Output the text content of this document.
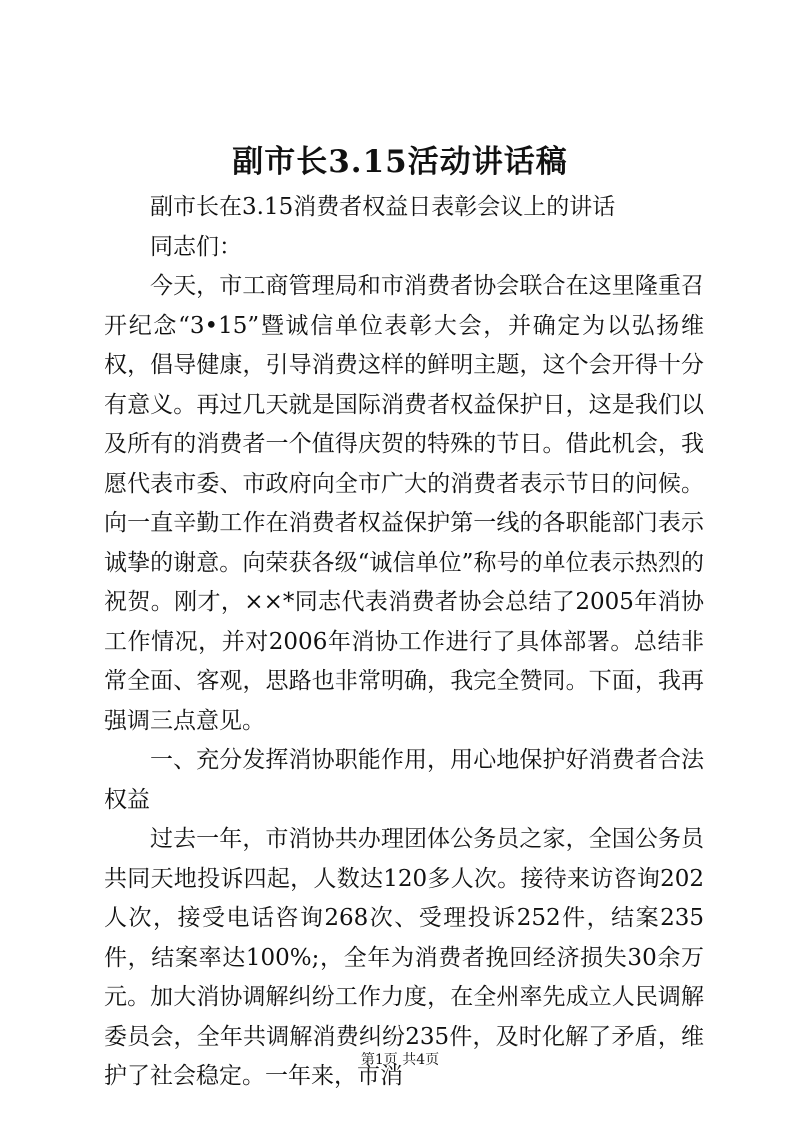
副市长3.15活动讲话稿

副市长在3.15消费者权益日表彰会议上的讲话

同志们：

今天，市工商管理局和市消费者协会联合在这里隆重召开纪念“3•15”暨诚信单位表彰大会，并确定为以弘扬维权，倡导健康，引导消费这样的鲜明主题，这个会开得十分有意义。再过几天就是国际消费者权益保护日，这是我们以及所有的消费者一个值得庆贺的特殊的节日。借此机会，我愿代表市委、市政府向全市广大的消费者表示节日的问候。向一直辛勤工作在消费者权益保护第一线的各职能部门表示诚挚的谢意。向荣获各级“诚信单位”称号的单位表示热烈的祝贺。刚才，××*同志代表消费者协会总结了2005年消协工作情况，并对2006年消协工作进行了具体部署。总结非常全面、客观，思路也非常明确，我完全赞同。下面，我再强调三点意见。

一、充分发挥消协职能作用，用心地保护好消费者合法权益

过去一年，市消协共办理团体公务员之家，全国公务员共同天地投诉四起，人数达120多人次。接待来访咨询202人次，接受电话咨询268次、受理投诉252件，结案235件，结案率达100%;，全年为消费者挽回经济损失30余万元。加大消协调解纠纷工作力度，在全州率先成立人民调解委员会，全年共调解消费纠纷235件，及时化解了矛盾，维护了社会稳定。一年来，市消

第1页 共4页
